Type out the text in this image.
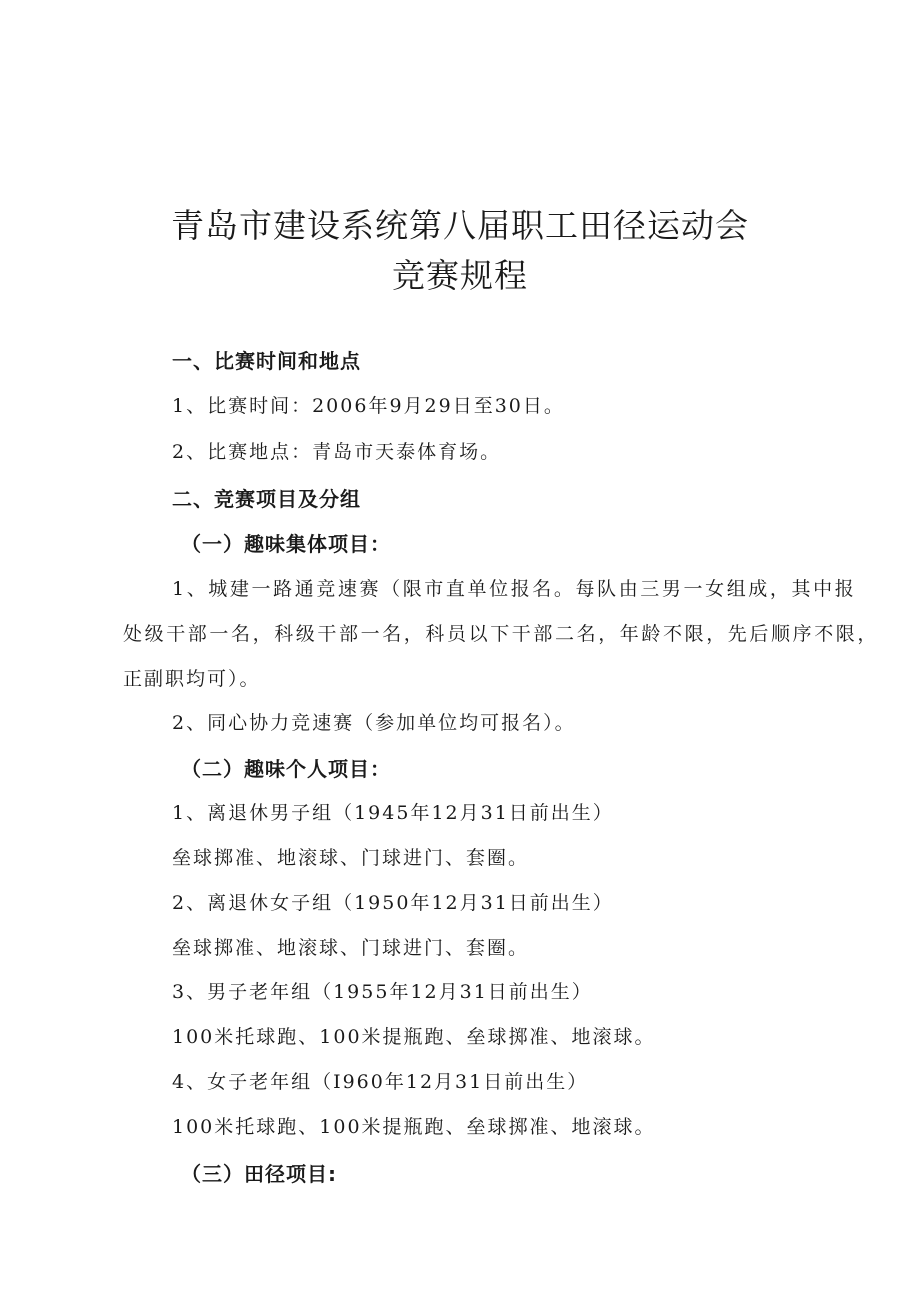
青岛市建设系统第八届职工田径运动会
竞赛规程
一、比赛时间和地点
1、比赛时间：2006年9月29日至30日。
2、比赛地点：青岛市天泰体育场。
二、竞赛项目及分组
（一）趣味集体项目：
1、城建一路通竞速赛（限市直单位报名。每队由三男一女组成，其中报
处级干部一名，科级干部一名，科员以下干部二名，年龄不限，先后顺序不限，
正副职均可）。
2、同心协力竞速赛（参加单位均可报名）。
（二）趣味个人项目：
1、离退休男子组（1945年12月31日前出生）
垒球掷准、地滚球、门球进门、套圈。
2、离退休女子组（1950年12月31日前出生）
垒球掷准、地滚球、门球进门、套圈。
3、男子老年组（1955年12月31日前出生）
100米托球跑、100米提瓶跑、垒球掷准、地滚球。
4、女子老年组（I960年12月31日前出生）
100米托球跑、100米提瓶跑、垒球掷准、地滚球。
（三）田径项目:
